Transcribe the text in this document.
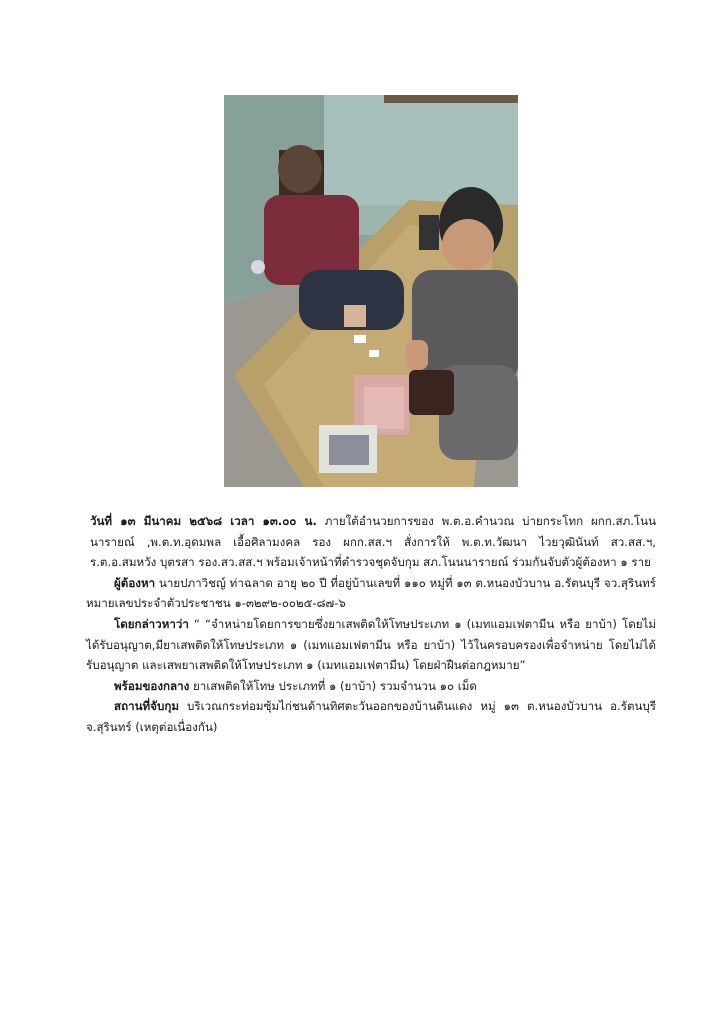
วันที่ ๑๓ มีนาคม ๒๕๖๘ เวลา ๑๓.๐๐ น. ภายใต้อำนวยการของ พ.ต.อ.คำนวณ บ่ายกระโทก ผกก.สภ.โนนนารายณ์ ,พ.ต.ท.อุดมพล เอื้อศิลามงคล รอง ผกก.สส.ฯ สั่งการให้ พ.ต.ท.วัฒนา ไวยวุฒินันท์ สว.สส.ฯ, ร.ต.อ.สมหวัง บุตรสา รอง.สว.สส.ฯ พร้อมเจ้าหน้าที่ตำรวจชุดจับกุม สภ.โนนนารายณ์ ร่วมกันจับตัวผู้ต้องหา ๑ ราย

ผู้ต้องหา นายปภาวิชญ์ ท่าฉลาด อายุ ๒๐ ปี ที่อยู่บ้านเลขที่ ๑๑๐ หมู่ที่ ๑๓ ต.หนองบัวบาน อ.รัตนบุรี จว.สุรินทร์ หมายเลขประจำตัวประชาชน ๑-๓๒๙๒-๐๐๒๕-๘๗-๖

โดยกล่าวหาว่า “ “จำหน่ายโดยการขายซึ่งยาเสพติดให้โทษประเภท ๑ (เมทแอมเฟตามีน หรือ ยาบ้า) โดยไม่ได้รับอนุญาต,มียาเสพติดให้โทษประเภท ๑ (เมทแอมเฟตามีน หรือ ยาบ้า) ไว้ในครอบครองเพื่อจำหน่าย โดยไม่ได้รับอนุญาต และเสพยาเสพติดให้โทษประเภท ๑ (เมทแอมเฟตามีน) โดยฝ่าฝืนต่อกฎหมาย”

พร้อมของกลาง ยาเสพติดให้โทษ ประเภทที่ ๑ (ยาบ้า) รวมจำนวน ๑๐ เม็ด

สถานที่จับกุม บริเวณกระท่อมซุ้มไก่ชนด้านทิศตะวันออกของบ้านดินแดง หมู่ ๑๓ ต.หนองบัวบาน อ.รัตนบุรี จ.สุรินทร์ (เหตุต่อเนื่องกัน)
